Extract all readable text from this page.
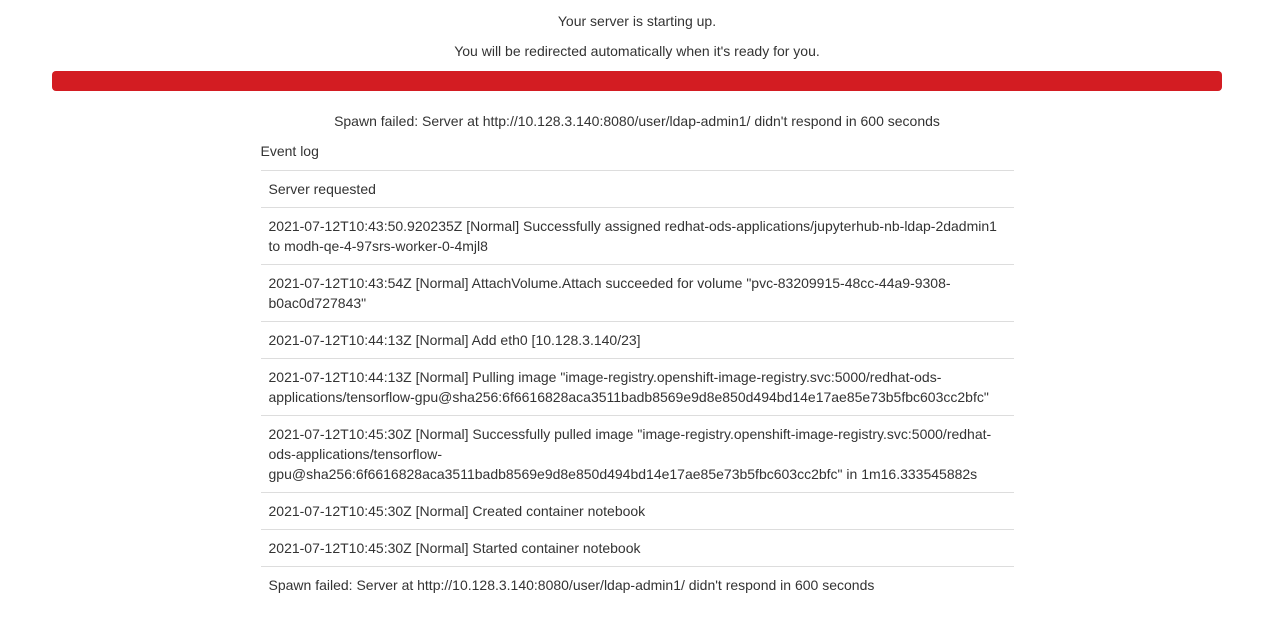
Your server is starting up.

You will be redirected automatically when it's ready for you.

Spawn failed: Server at http://10.128.3.140:8080/user/ldap-admin1/ didn't respond in 600 seconds

Event log
Server requested
2021-07-12T10:43:50.920235Z [Normal] Successfully assigned redhat-ods-applications/jupyterhub-nb-ldap-2dadmin1 to modh-qe-4-97srs-worker-0-4mjl8
2021-07-12T10:43:54Z [Normal] AttachVolume.Attach succeeded for volume "pvc-83209915-48cc-44a9-9308-b0ac0d727843"
2021-07-12T10:44:13Z [Normal] Add eth0 [10.128.3.140/23]
2021-07-12T10:44:13Z [Normal] Pulling image "image-registry.openshift-image-registry.svc:5000/redhat-ods-applications/tensorflow-gpu@sha256:6f6616828aca3511badb8569e9d8e850d494bd14e17ae85e73b5fbc603cc2bfc"
2021-07-12T10:45:30Z [Normal] Successfully pulled image "image-registry.openshift-image-registry.svc:5000/redhat-ods-applications/tensorflow-gpu@sha256:6f6616828aca3511badb8569e9d8e850d494bd14e17ae85e73b5fbc603cc2bfc" in 1m16.333545882s
2021-07-12T10:45:30Z [Normal] Created container notebook
2021-07-12T10:45:30Z [Normal] Started container notebook
Spawn failed: Server at http://10.128.3.140:8080/user/ldap-admin1/ didn't respond in 600 seconds
